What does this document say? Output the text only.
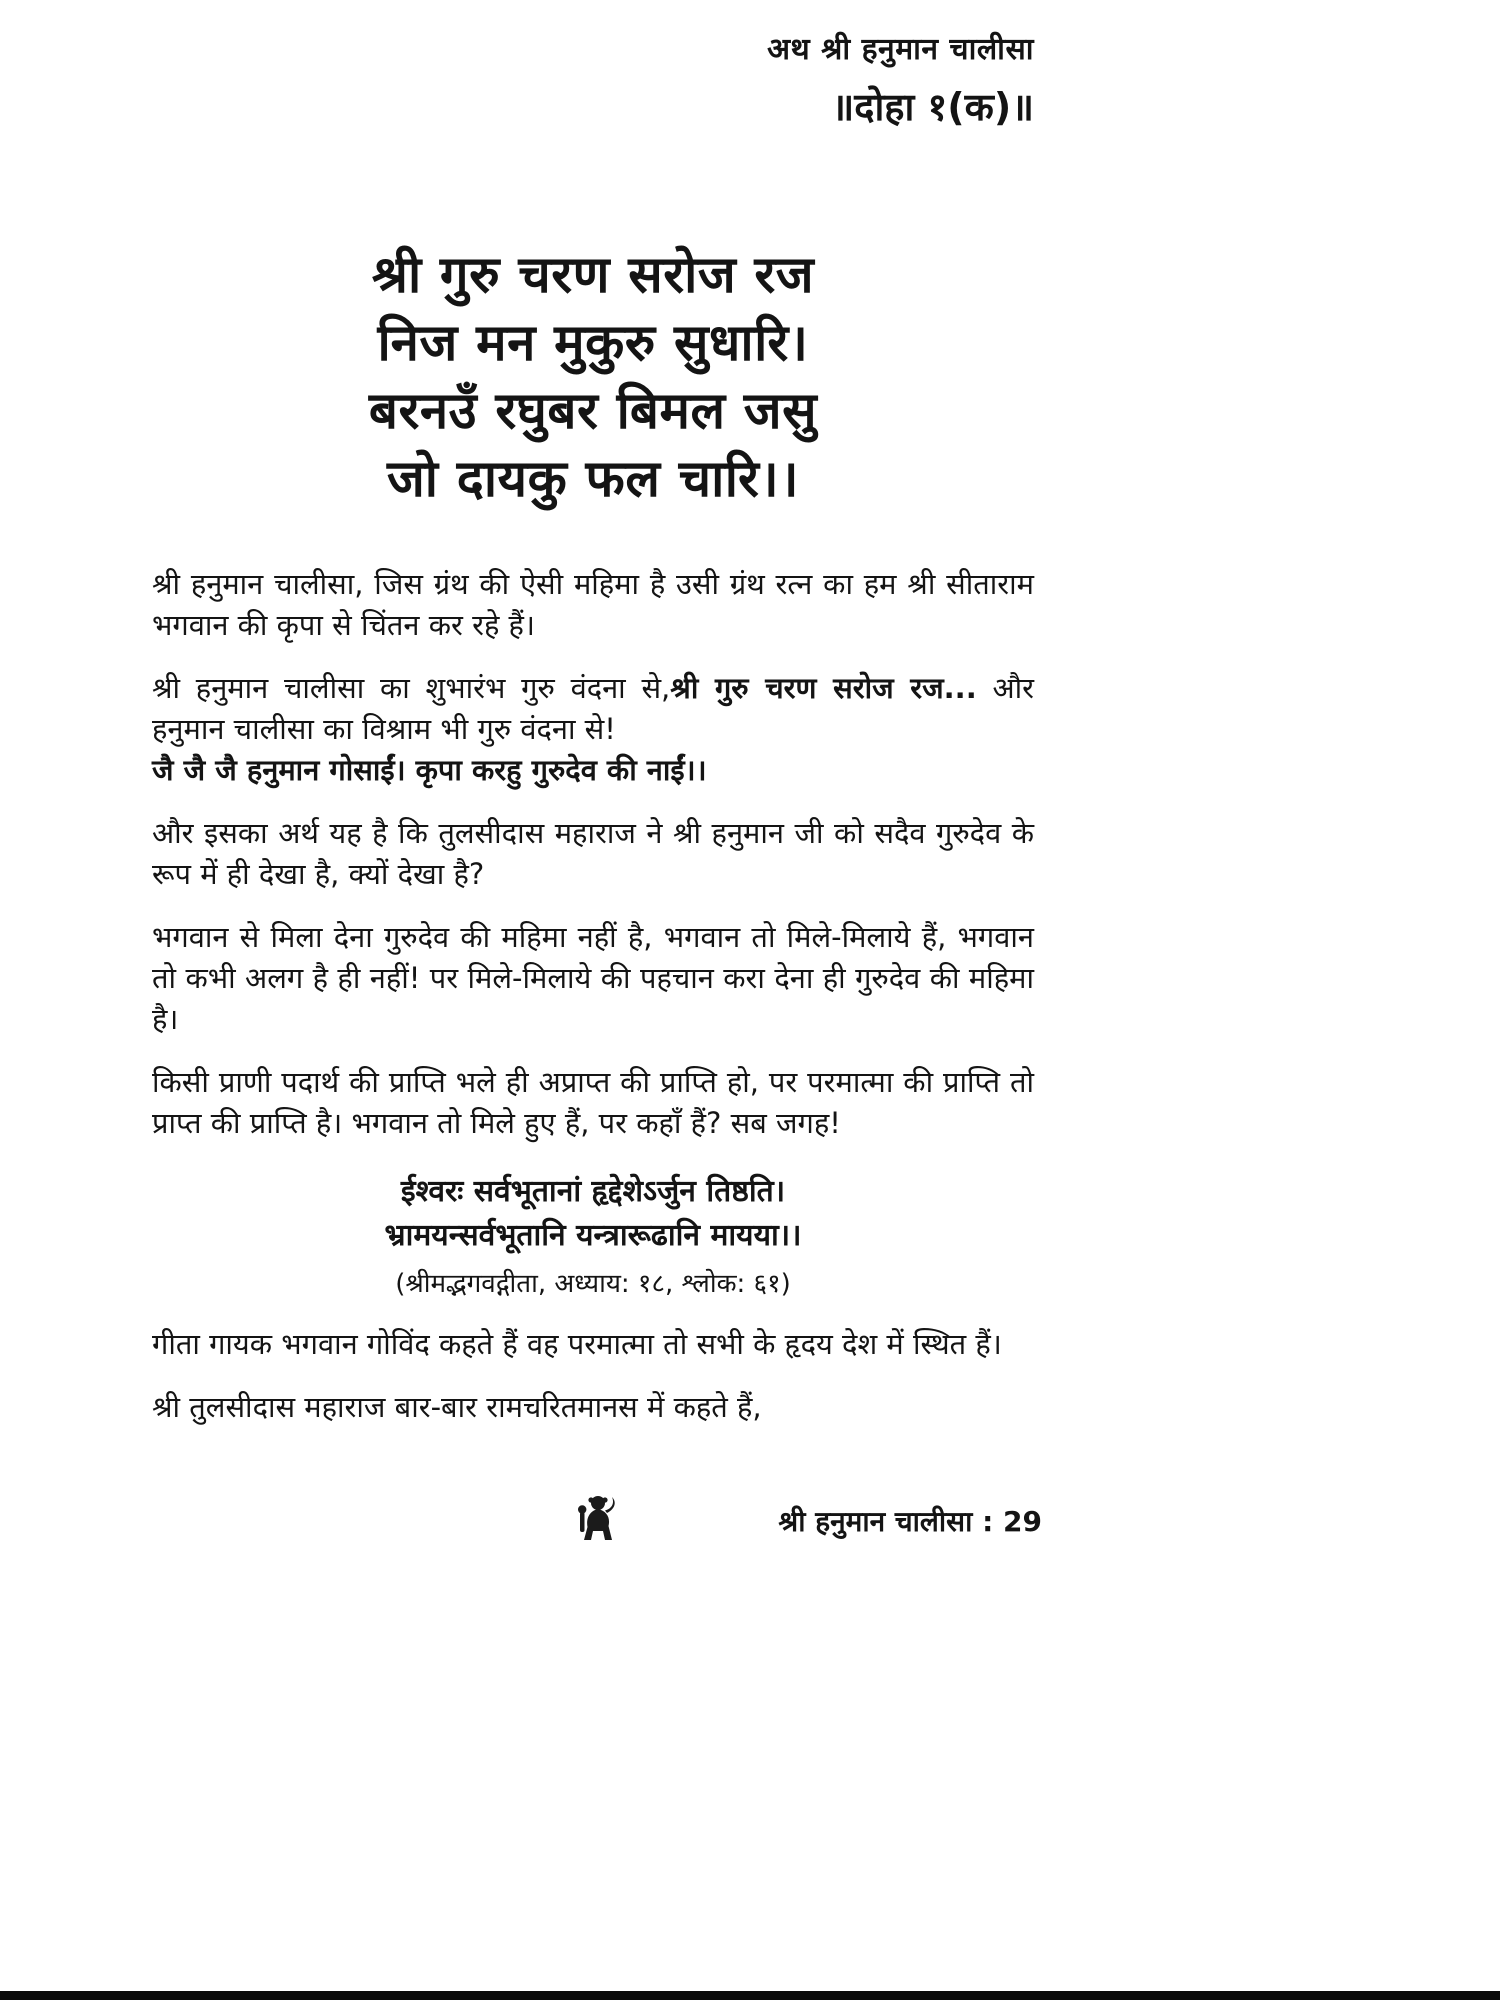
अथ श्री हनुमान चालीसा
॥दोहा १(क)॥
श्री गुरु चरण सरोज रज
निज मन मुकुरु सुधारि।
बरनउँ रघुबर बिमल जसु
जो दायकु फल चारि।।
श्री हनुमान चालीसा, जिस ग्रंथ की ऐसी महिमा है उसी ग्रंथ रत्न का हम श्री सीताराम भगवान की कृपा से चिंतन कर रहे हैं।
श्री हनुमान चालीसा का शुभारंभ गुरु वंदना से,श्री गुरु चरण सरोज रज... और हनुमान चालीसा का विश्राम भी गुरु वंदना से!
जै जै जै हनुमान गोसाईं। कृपा करहु गुरुदेव की नाईं।।
और इसका अर्थ यह है कि तुलसीदास महाराज ने श्री हनुमान जी को सदैव गुरुदेव के रूप में ही देखा है, क्यों देखा है?
भगवान से मिला देना गुरुदेव की महिमा नहीं है, भगवान तो मिले-मिलाये हैं, भगवान तो कभी अलग है ही नहीं! पर मिले-मिलाये की पहचान करा देना ही गुरुदेव की महिमा है।
किसी प्राणी पदार्थ की प्राप्ति भले ही अप्राप्त की प्राप्ति हो, पर परमात्मा की प्राप्ति तो प्राप्त की प्राप्ति है। भगवान तो मिले हुए हैं, पर कहाँ हैं? सब जगह!
ईश्वरः सर्वभूतानां हृद्देशेऽर्जुन तिष्ठति।
भ्रामयन्सर्वभूतानि यन्त्रारूढानि मायया।।
(श्रीमद्भगवद्गीता, अध्याय: १८, श्लोक: ६१)
गीता गायक भगवान गोविंद कहते हैं वह परमात्मा तो सभी के हृदय देश में स्थित हैं।
श्री तुलसीदास महाराज बार-बार रामचरितमानस में कहते हैं,
श्री हनुमान चालीसा : 29
